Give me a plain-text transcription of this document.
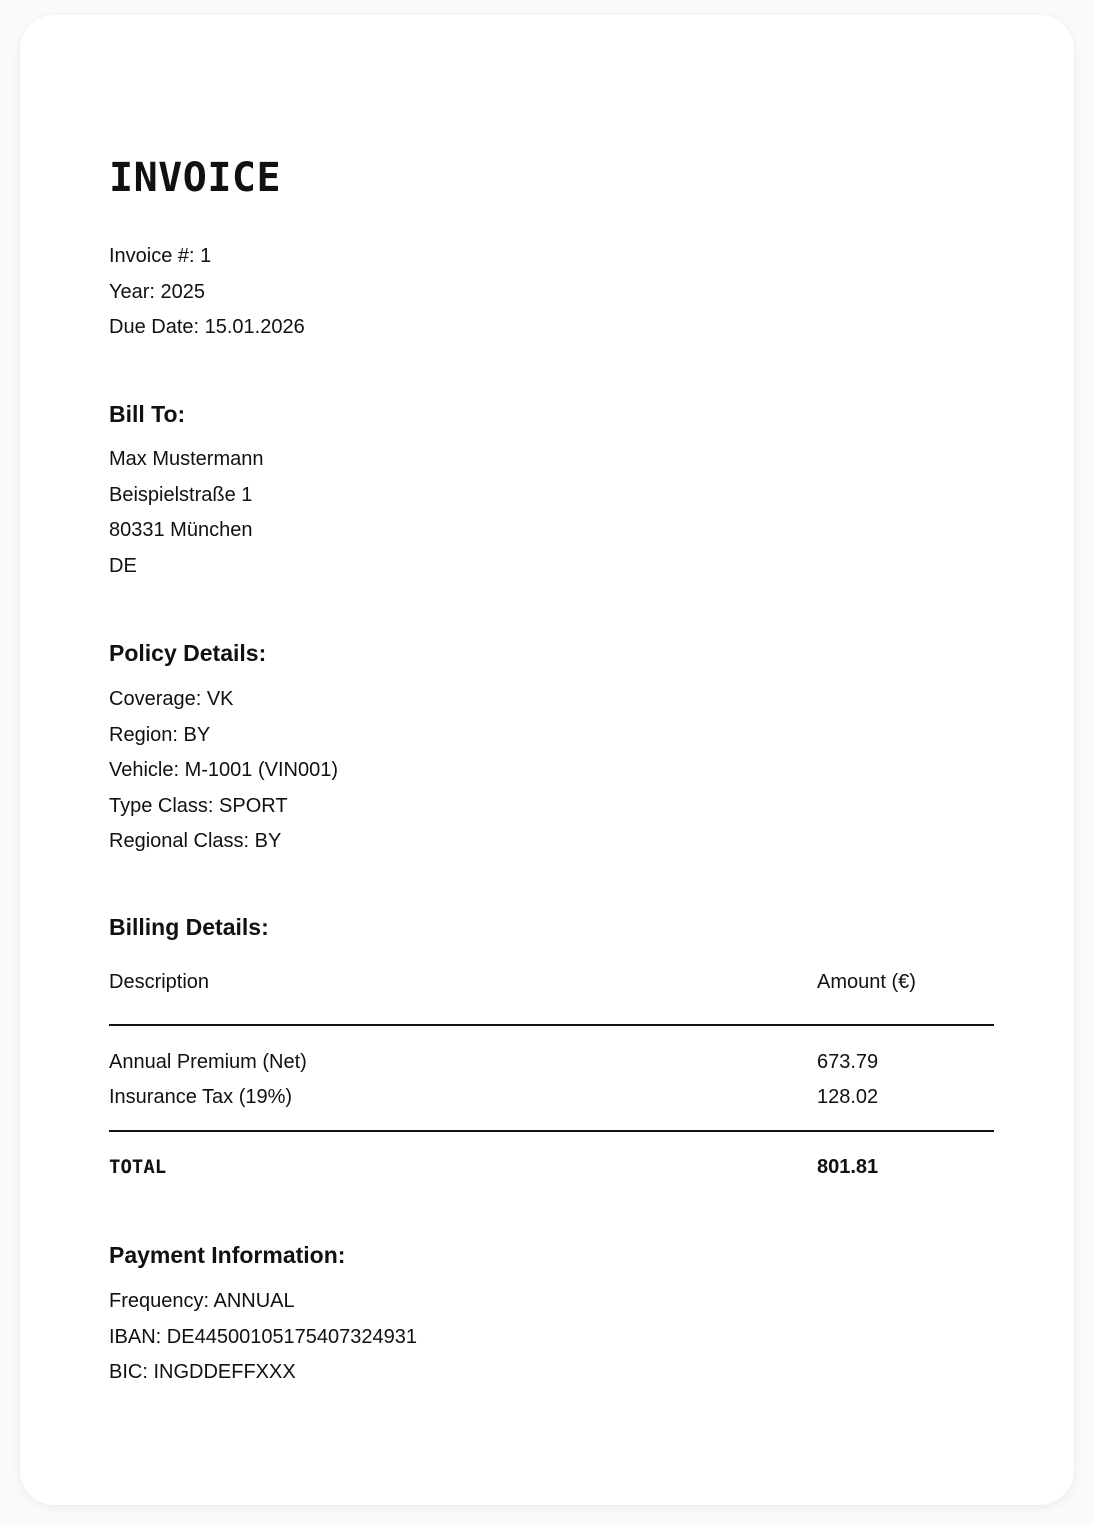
INVOICE
Invoice #: 1
Year: 2025
Due Date: 15.01.2026
Bill To:
Max Mustermann
Beispielstraße 1
80331 München
DE
Policy Details:
Coverage: VK
Region: BY
Vehicle: M-1001 (VIN001)
Type Class: SPORT
Regional Class: BY
Billing Details:
Description	Amount (€)
Annual Premium (Net)	673.79
Insurance Tax (19%)	128.02
TOTAL	801.81
Payment Information:
Frequency: ANNUAL
IBAN: DE44500105175407324931
BIC: INGDDEFFXXX
